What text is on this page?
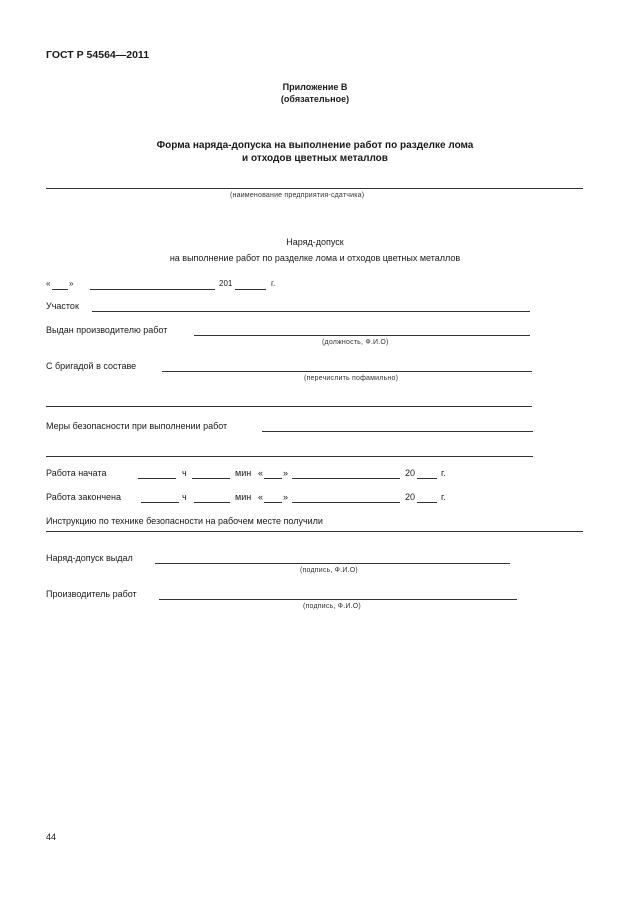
ГОСТ Р 54564—2011
Приложение В
(обязательное)
Форма наряда-допуска на выполнение работ по разделке лома
и отходов цветных металлов
(наименование предприятия-сдатчика)
Наряд-допуск
на выполнение работ по разделке лома и отходов цветных металлов
« »	201	г.
Участок
Выдан производителю работ
(должность, Ф.И.О)
С бригадой в составе
(перечислить пофамильно)
Меры безопасности при выполнении работ
Работа начата	ч	мин « »	20	г.
Работа закончена	ч	мин « »	20	г.
Инструкцию по технике безопасности на рабочем месте получили
Наряд-допуск выдал
(подпись, Ф.И.О)
Производитель работ
(подпись, Ф.И.О)
44
